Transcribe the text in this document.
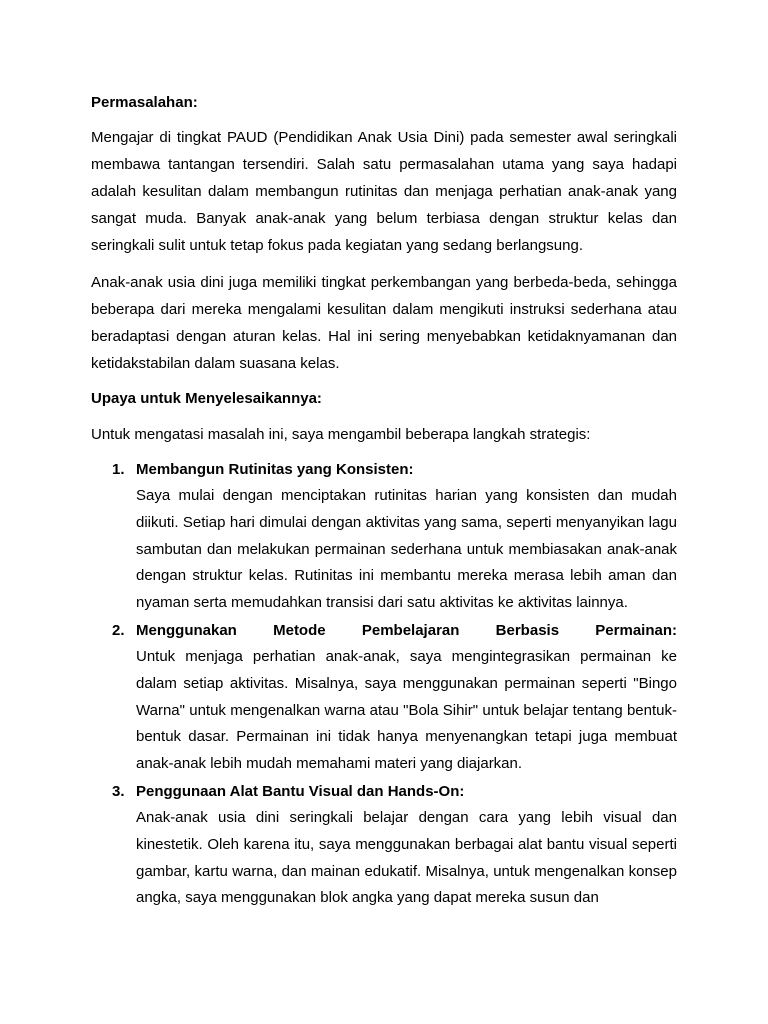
Permasalahan:

Mengajar di tingkat PAUD (Pendidikan Anak Usia Dini) pada semester awal seringkali membawa tantangan tersendiri. Salah satu permasalahan utama yang saya hadapi adalah kesulitan dalam membangun rutinitas dan menjaga perhatian anak-anak yang sangat muda. Banyak anak-anak yang belum terbiasa dengan struktur kelas dan seringkali sulit untuk tetap fokus pada kegiatan yang sedang berlangsung.

Anak-anak usia dini juga memiliki tingkat perkembangan yang berbeda-beda, sehingga beberapa dari mereka mengalami kesulitan dalam mengikuti instruksi sederhana atau beradaptasi dengan aturan kelas. Hal ini sering menyebabkan ketidaknyamanan dan ketidakstabilan dalam suasana kelas.

Upaya untuk Menyelesaikannya:

Untuk mengatasi masalah ini, saya mengambil beberapa langkah strategis:

1. Membangun Rutinitas yang Konsisten:

Saya mulai dengan menciptakan rutinitas harian yang konsisten dan mudah diikuti. Setiap hari dimulai dengan aktivitas yang sama, seperti menyanyikan lagu sambutan dan melakukan permainan sederhana untuk membiasakan anak-anak dengan struktur kelas. Rutinitas ini membantu mereka merasa lebih aman dan nyaman serta memudahkan transisi dari satu aktivitas ke aktivitas lainnya.

2. Menggunakan Metode Pembelajaran Berbasis Permainan:

Untuk menjaga perhatian anak-anak, saya mengintegrasikan permainan ke dalam setiap aktivitas. Misalnya, saya menggunakan permainan seperti "Bingo Warna" untuk mengenalkan warna atau "Bola Sihir" untuk belajar tentang bentuk-bentuk dasar. Permainan ini tidak hanya menyenangkan tetapi juga membuat anak-anak lebih mudah memahami materi yang diajarkan.

3. Penggunaan Alat Bantu Visual dan Hands-On:

Anak-anak usia dini seringkali belajar dengan cara yang lebih visual dan kinestetik. Oleh karena itu, saya menggunakan berbagai alat bantu visual seperti gambar, kartu warna, dan mainan edukatif. Misalnya, untuk mengenalkan konsep angka, saya menggunakan blok angka yang dapat mereka susun dan
